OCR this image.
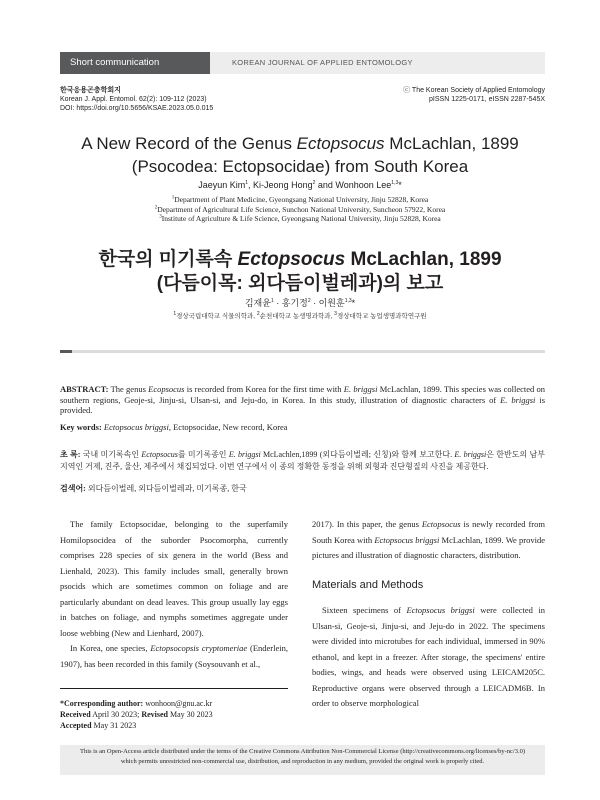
Short communication	KOREAN JOURNAL OF APPLIED ENTOMOLOGY
한국응용곤충학회지
Korean J. Appl. Entomol. 62(2): 109-112 (2023)
DOI: https://doi.org/10.5656/KSAE.2023.05.0.015
ⓒ The Korean Society of Applied Entomology
pISSN 1225-0171, eISSN 2287-545X
A New Record of the Genus Ectopsocus McLachlan, 1899
(Psocodea: Ectopsocidae) from South Korea
Jaeyun Kim$^1$, Ki-Jeong Hong$^2$ and Wonhoon Lee$^{1,3}$*
$^1$Department of Plant Medicine, Gyeongsang National University, Jinju 52828, Korea
$^2$Department of Agricultural Life Science, Sunchon National University, Suncheon 57922, Korea
$^3$Institute of Agriculture & Life Science, Gyeongsang National University, Jinju 52828, Korea
한국의 미기록속 Ectopsocus McLachlan, 1899
(다듬이목: 외다듬이벌레과)의 보고
김재윤$^1$ · 홍기정$^2$ · 이원훈$^{1,3}$*
$^1$경상국립대학교 식물의학과, $^2$순천대학교 농생명과학과, $^3$경상대학교 농업생명과학연구원
ABSTRACT: The genus Ecopsocus is recorded from Korea for the first time with E. briggsi McLachlan, 1899. This species was collected on southern regions, Geoje-si, Jinju-si, Ulsan-si, and Jeju-do, in Korea. In this study, illustration of diagnostic characters of E. briggsi is provided.
Key words: Ectopsocus briggsi, Ectopsocidae, New record, Korea
초 록: 국내 미기록속인 Ectopsocus를 미기록종인 E. briggsi McLachlen,1899 (외다듬이벌레; 신칭)와 함께 보고한다. E. briggsi은 한반도의 남부지역인 거제, 진주, 울산, 제주에서 채집되었다. 이번 연구에서 이 종의 정확한 동정을 위해 외형과 진단형질의 사진을 제공한다.
검색어: 외다듬이벌레, 외다듬이벌레과, 미기록종, 한국

The family Ectopsocidae, belonging to the superfamily Homilopsocidea of the suborder Psocomorpha, currently comprises 228 species of six genera in the world (Bess and Lienhald, 2023). This family includes small, generally brown psocids which are sometimes common on foliage and are particularly abundant on dead leaves. This group usually lay eggs in batches on foliage, and nymphs sometimes aggregate under loose webbing (New and Lienhard, 2007).

In Korea, one species, Ectopsocopsis cryptomeriae (Enderlein, 1907), has been recorded in this family (Soysouvanh et al.,

2017). In this paper, the genus Ectopsocus is newly recorded from South Korea with Ectopsocus briggsi McLachlan, 1899. We provide pictures and illustration of diagnostic characters, distribution.

Materials and Methods

Sixteen specimens of Ectopsocus briggsi were collected in Ulsan-si, Geoje-si, Jinju-si, and Jeju-do in 2022. The specimens were divided into microtubes for each individual, immersed in 90% ethanol, and kept in a freezer. After storage, the specimens' entire bodies, wings, and heads were observed using LEICAM205C. Reproductive organs were observed through a LEICADM6B. In order to observe morphological

*Corresponding author: wonhoon@gnu.ac.kr
Received April 30 2023; Revised May 30 2023
Accepted May 31 2023
This is an Open-Access article distributed under the terms of the Creative Commons Attribution Non-Commercial License (http://creativecommons.org/licenses/by-nc/3.0)
which permits unrestricted non-commercial use, distribution, and reproduction in any medium, provided the original work is properly cited.
